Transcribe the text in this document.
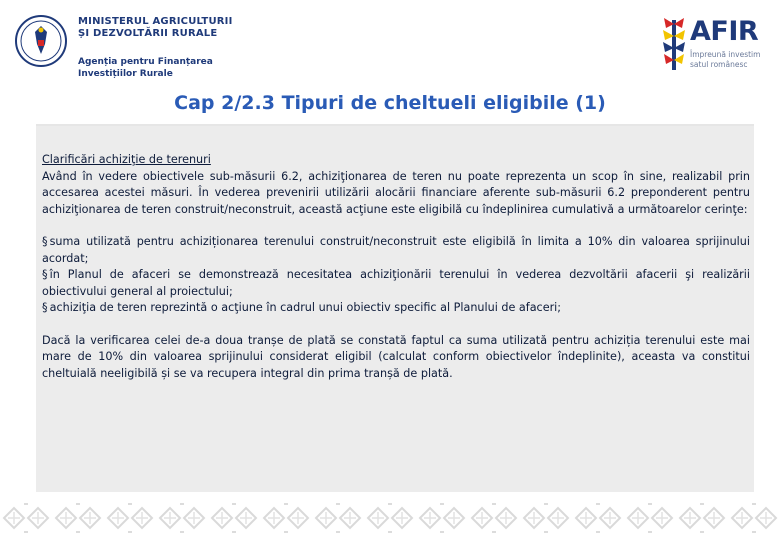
MINISTERUL AGRICULTURII
ȘI DEZVOLTĂRII RURALE
Agenția pentru Finanțarea
Investițiilor Rurale
AFIR
Împreună investim
satul românesc
Cap 2/2.3 Tipuri de cheltueli eligibile (1)

Clarificări achiziţie de terenuri

Având în vedere obiectivele sub-măsurii 6.2, achiziţionarea de teren nu poate reprezenta un scop în sine, realizabil prin accesarea acestei măsuri. În vederea prevenirii utilizării alocării financiare aferente sub-măsurii 6.2 preponderent pentru achiziţionarea de teren construit/neconstruit, această acţiune este eligibilă cu îndeplinirea cumulativă a următoarelor cerinţe:

§ suma utilizată pentru achiziționarea terenului construit/neconstruit este eligibilă în limita a 10% din valoarea sprijinului acordat;

§ în Planul de afaceri se demonstrează necesitatea achiziţionării terenului în vederea dezvoltării afacerii şi realizării obiectivului general al proiectului;

§ achiziţia de teren reprezintă o acţiune în cadrul unui obiectiv specific al Planului de afaceri;

Dacă la verificarea celei de-a doua tranșe de plată se constată faptul ca suma utilizată pentru achiziția terenului este mai mare de 10% din valoarea sprijinului considerat eligibil (calculat conform obiectivelor îndeplinite), aceasta va constitui cheltuială neeligibilă și se va recupera integral din prima tranșă de plată.
